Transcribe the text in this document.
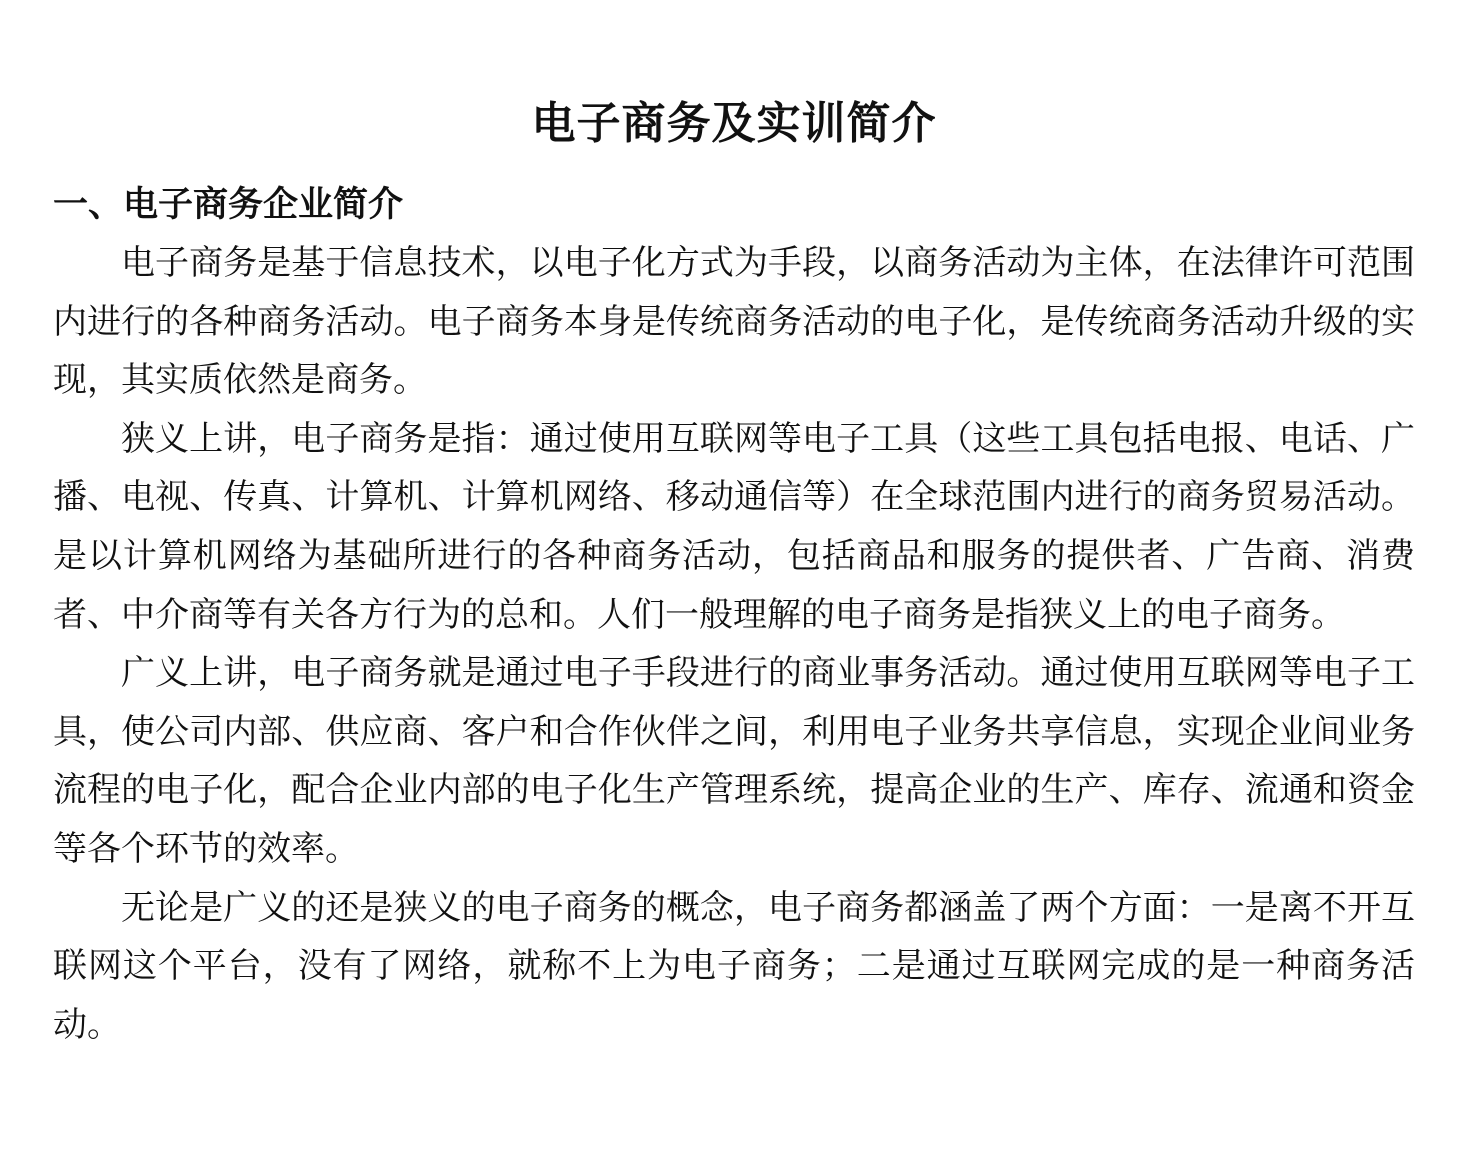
电子商务及实训简介
一、电子商务企业简介

电子商务是基于信息技术，以电子化方式为手段，以商务活动为主体，在法律许可范围内进行的各种商务活动。电子商务本身是传统商务活动的电子化，是传统商务活动升级的实现，其实质依然是商务。

狭义上讲，电子商务是指：通过使用互联网等电子工具（这些工具包括电报、电话、广播、电视、传真、计算机、计算机网络、移动通信等）在全球范围内进行的商务贸易活动。是以计算机网络为基础所进行的各种商务活动，包括商品和服务的提供者、广告商、消费者、中介商等有关各方行为的总和。人们一般理解的电子商务是指狭义上的电子商务。

广义上讲，电子商务就是通过电子手段进行的商业事务活动。通过使用互联网等电子工具，使公司内部、供应商、客户和合作伙伴之间，利用电子业务共享信息，实现企业间业务流程的电子化，配合企业内部的电子化生产管理系统，提高企业的生产、库存、流通和资金等各个环节的效率。

无论是广义的还是狭义的电子商务的概念，电子商务都涵盖了两个方面：一是离不开互联网这个平台，没有了网络，就称不上为电子商务；二是通过互联网完成的是一种商务活动。
